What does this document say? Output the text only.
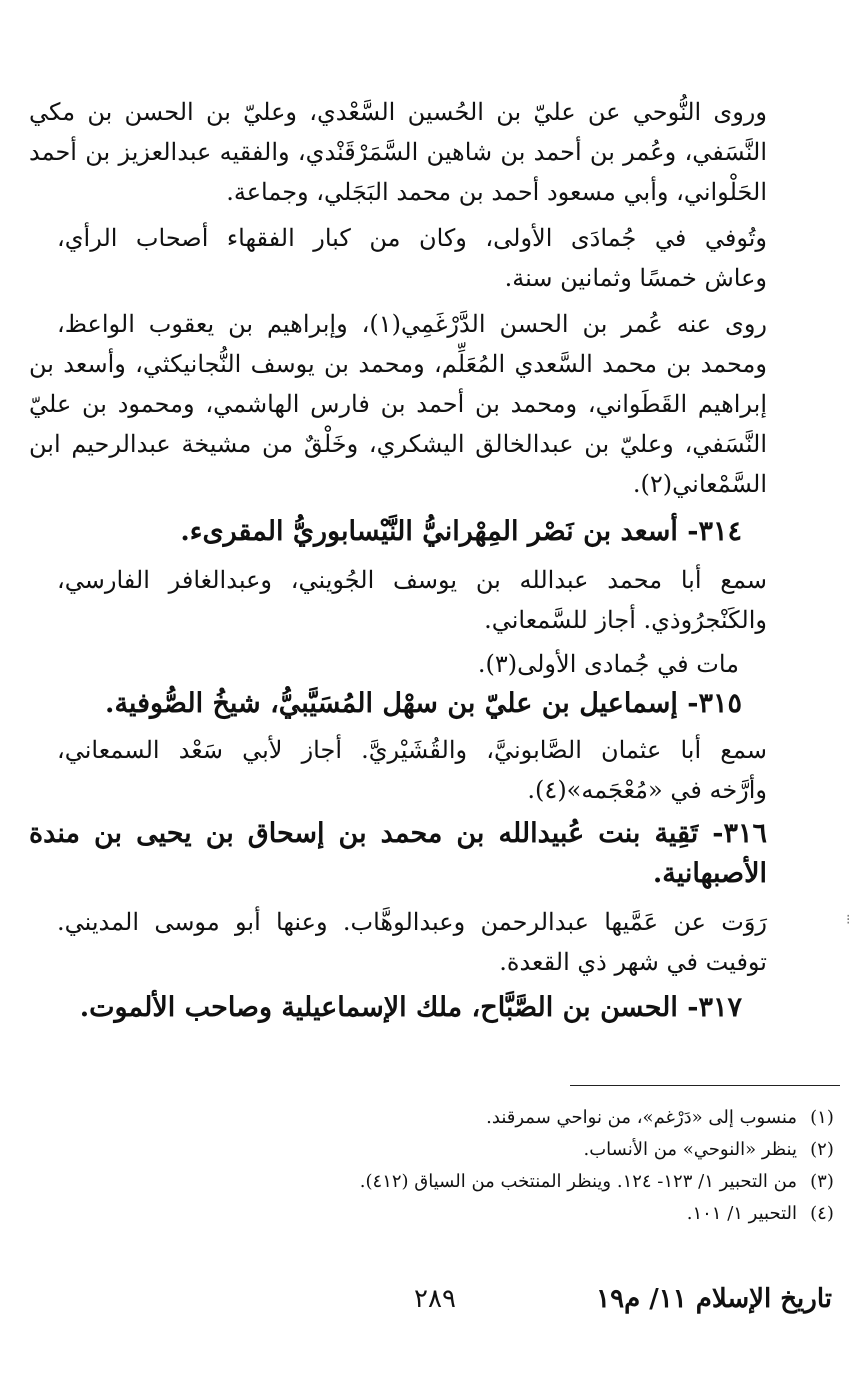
وروى النُّوحي عن عليّ بن الحُسين السَّعْدي، وعليّ بن الحسن بن مكي
النَّسَفي، وعُمر بن أحمد بن شاهين السَّمَرْقَنْدي، والفقيه عبدالعزيز بن أحمد
الحَلْواني، وأبي مسعود أحمد بن محمد البَجَلي، وجماعة.
وتُوفي في جُمادَى الأولى، وكان من كبار الفقهاء أصحاب الرأي،
وعاش خمسًا وثمانين سنة.
روى عنه عُمر بن الحسن الدَّرْغَمِي(١)، وإبراهيم بن يعقوب الواعظ،
ومحمد بن محمد السَّعدي المُعَلِّم، ومحمد بن يوسف النُّجانيكثي، وأسعد بن
إبراهيم القَطَواني، ومحمد بن أحمد بن فارس الهاشمي، ومحمود بن عليّ
النَّسَفي، وعليّ بن عبدالخالق اليشكري، وخَلْقٌ من مشيخة عبدالرحيم ابن
السَّمْعاني(٢).
٣١٤- أسعد بن نَصْر المِهْرانيُّ النَّيْسابوريُّ المقرىء.
سمع أبا محمد عبدالله بن يوسف الجُويني، وعبدالغافر الفارسي،
والكَنْجرُوذي. أجاز للسَّمعاني.
مات في جُمادى الأولى(٣).
٣١٥- إسماعيل بن عليّ بن سهْل المُسَيَّبيُّ، شيخُ الصُّوفية.
سمع أبا عثمان الصَّابونيَّ، والقُشَيْريَّ. أجاز لأبي سَعْد السمعاني،
وأرَّخه في «مُعْجَمه»(٤).
٣١٦- تَقِية بنت عُبيدالله بن محمد بن إسحاق بن يحيى بن مندة
الأصبهانية.
رَوَت عن عَمَّيها عبدالرحمن وعبدالوهَّاب. وعنها أبو موسى المديني.
توفيت في شهر ذي القعدة.
٣١٧- الحسن بن الصَّبَّاح، ملك الإسماعيلية وصاحب الألموت.
⁝
(١)منسوب إلى «دَرْغم»، من نواحي سمرقند.
(٢)ينظر «النوحي» من الأنساب.
(٣)من التحبير ١/ ١٢٣- ١٢٤. وينظر المنتخب من السياق (٤١٢).
(٤)التحبير ١/ ١٠١.
تاريخ الإسلام ١١/ م١٩
٢٨٩
